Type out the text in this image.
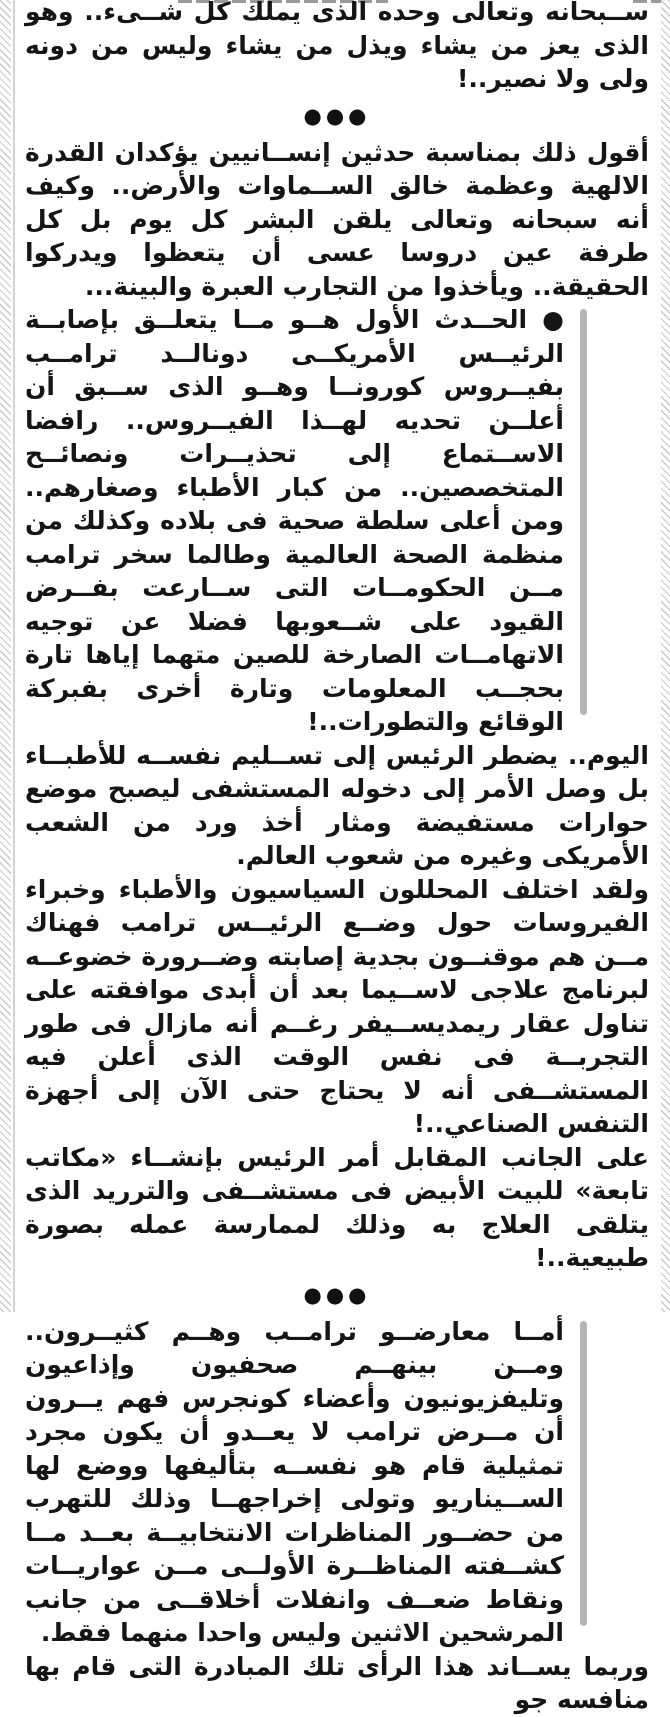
ســبحانه وتعالى وحده الذى يملك كل شــىء.. وهو الذى يعز من يشاء ويذل من يشاء وليس من دونه ولى ولا نصير..!

●●●

أقول ذلك بمناسبة حدثين إنســانيين يؤكدان القدرة الالهية وعظمة خالق الســماوات والأرض.. وكيف أنه سبحانه وتعالى يلقن البشر كل يوم بل كل طرفة عين دروسا عسى أن يتعظوا ويدركوا الحقيقة.. ويأخذوا من التجارب العبرة والبينة...

● الحــدث الأول هــو مــا يتعلــق بإصابــة الرئيــس الأمريكــى دونالــد ترامــب بفيــروس كورونــا وهــو الذى ســبق أن أعلــن تحديه لهــذا الفيــروس.. رافضا الاســتماع إلى تحذيــرات ونصائــح المتخصصين.. من كبار الأطباء وصغارهم.. ومن أعلى سلطة صحية فى بلاده وكذلك من منظمة الصحة العالمية وطالما سخر ترامب مــن الحكومــات التى ســارعت بفــرض القيود على شــعوبها فضلا عن توجيه الاتهامــات الصارخة للصين متهما إياها تارة بحجــب المعلومات وتارة أخرى بفبركة الوقائع والتطورات..!

اليوم.. يضطر الرئيس إلى تســليم نفســه للأطبــاء بل وصل الأمر إلى دخوله المستشفى ليصبح موضع حوارات مستفيضة ومثار أخذ ورد من الشعب الأمريكى وغيره من شعوب العالم.

ولقد اختلف المحللون السياسيون والأطباء وخبراء الفيروسات حول وضــع الرئيــس ترامب فهناك مــن هم موقنــون بجدية إصابته وضــرورة خضوعــه لبرنامج علاجى لاســيما بعد أن أبدى موافقته على تناول عقار ريمديســيفر رغــم أنه مازال فى طور التجربــة فى نفس الوقت الذى أعلن فيه المستشــفى أنه لا يحتاج حتى الآن إلى أجهزة التنفس الصناعي..!

على الجانب المقابل أمر الرئيس بإنشــاء «مكاتب تابعة» للبيت الأبيض فى مستشــفى والترريد الذى يتلقى العلاج به وذلك لممارسة عمله بصورة طبيعية..!

●●●

أمــا معارضــو ترامــب وهــم كثيــرون.. ومــن بينهــم صحفيون وإذاعيون وتليفزيونيون وأعضاء كونجرس فهم يــرون أن مــرض ترامب لا يعــدو أن يكون مجرد تمثيلية قام هو نفســه بتأليفها ووضع لها الســيناريو وتولى إخراجهــا وذلك للتهرب من حضــور المناظرات الانتخابيــة بعــد مــا كشــفته المناظــرة الأولــى مــن عواريــات ونقاط ضعــف وانفلات أخلاقــى من جانب المرشحين الاثنين وليس واحدا منهما فقط.

وربما يســاند هذا الرأى تلك المبادرة التى قام بها منافسه جو
